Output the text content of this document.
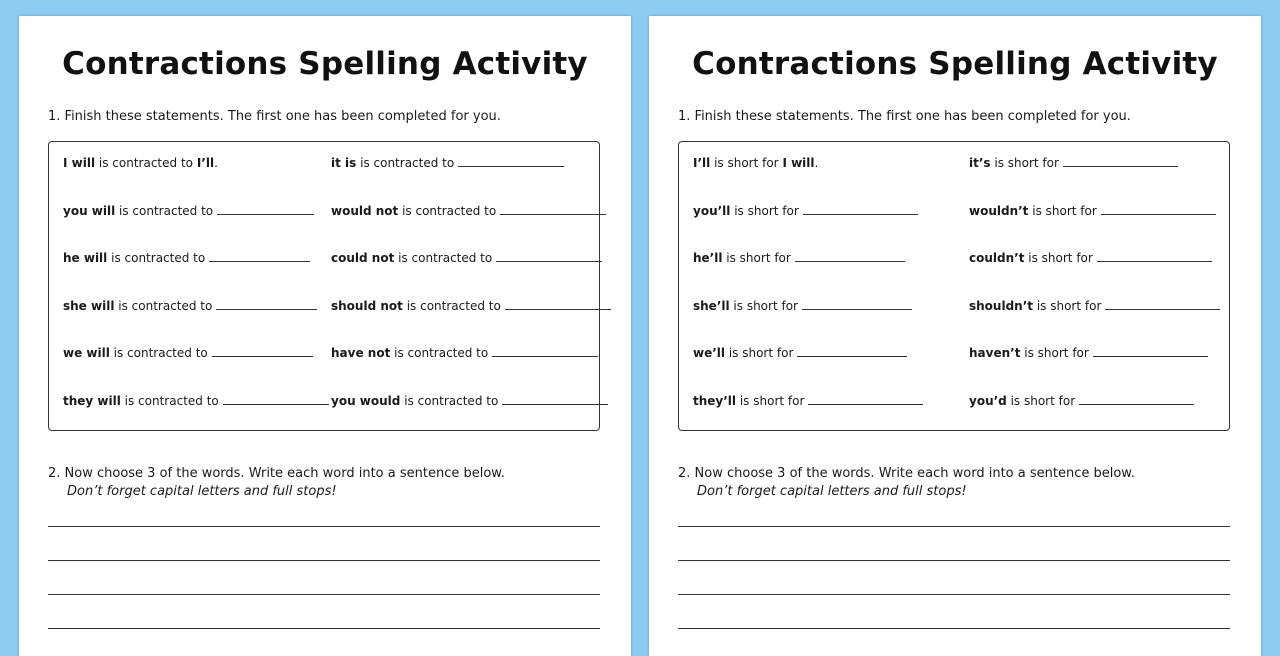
Contractions Spelling Activity
1. Finish these statements. The first one has been completed for you.
I will is contracted to I’ll .	it is is contracted to
you will is contracted to	would not is contracted to
he will is contracted to	could not is contracted to
she will is contracted to	should not is contracted to
we will is contracted to	have not is contracted to
they will is contracted to	you would is contracted to
2. Now choose 3 of the words. Write each word into a sentence below.
Don’t forget capital letters and full stops!
Contractions Spelling Activity
1. Finish these statements. The first one has been completed for you.
I’ll is short for I will .	it’s is short for
you’ll is short for	wouldn’t is short for
he’ll is short for	couldn’t is short for
she’ll is short for	shouldn’t is short for
we’ll is short for	haven’t is short for
they’ll is short for	you’d is short for
2. Now choose 3 of the words. Write each word into a sentence below.
Don’t forget capital letters and full stops!
